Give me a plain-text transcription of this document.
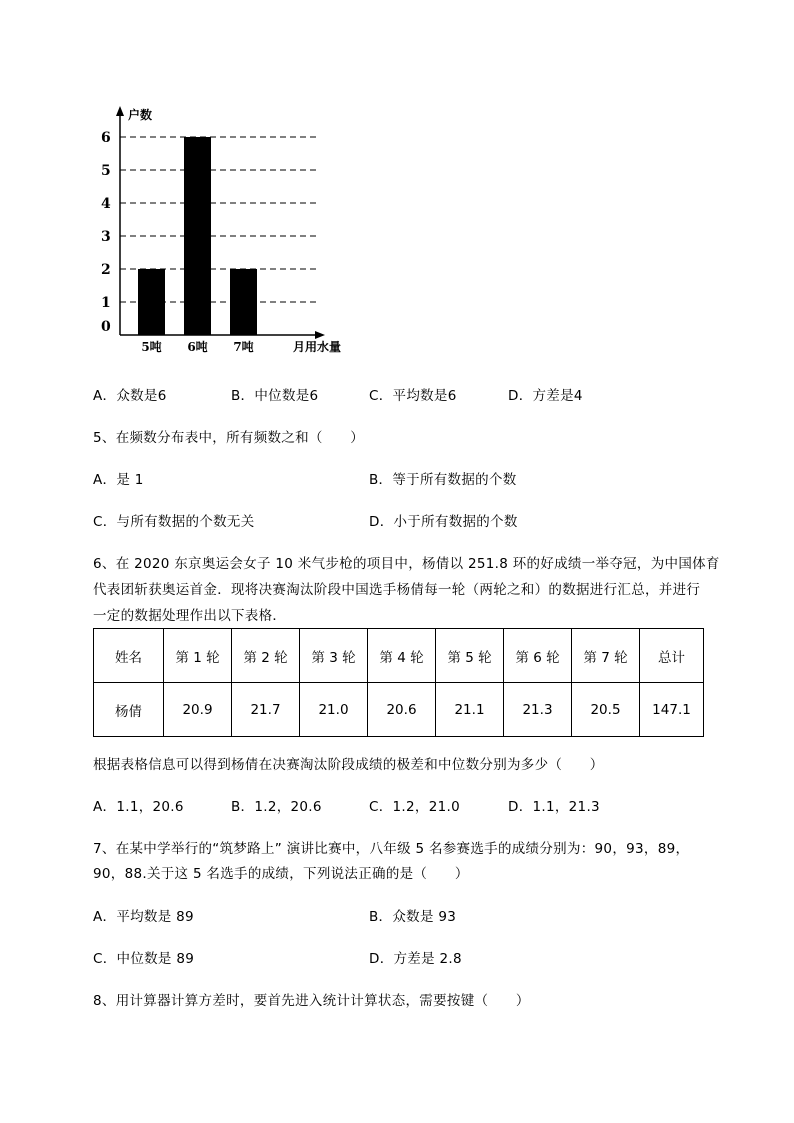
0
1
2
3
4
5
6
5吨 6吨 7吨
户数
月用水量
A．众数是6	B．中位数是6	C．平均数是6	D．方差是4
5、在频数分布表中，所有频数之和（　　）
A．是 1	B．等于所有数据的个数
C．与所有数据的个数无关	D．小于所有数据的个数
6、在 2020 东京奥运会女子 10 米气步枪的项目中，杨倩以 251.8 环的好成绩一举夺冠，为中国体育
代表团斩获奥运首金．现将决赛淘汰阶段中国选手杨倩每一轮（两轮之和）的数据进行汇总，并进行
一定的数据处理作出以下表格．
姓名	第 1 轮	第 2 轮	第 3 轮	第 4 轮	第 5 轮	第 6 轮	第 7 轮	总计
杨倩	20.9	21.7	21.0	20.6	21.1	21.3	20.5	147.1
根据表格信息可以得到杨倩在决赛淘汰阶段成绩的极差和中位数分别为多少（　　）
A．1.1，20.6	B．1.2，20.6	C．1.2，21.0	D．1.1，21.3
7、在某中学举行的“筑梦路上” 演讲比赛中，八年级 5 名参赛选手的成绩分别为：90，93，89，
90，88.关于这 5 名选手的成绩，下列说法正确的是（　　）
A．平均数是 89	B．众数是 93
C．中位数是 89	D．方差是 2.8
8、用计算器计算方差时，要首先进入统计计算状态，需要按键（　　）
